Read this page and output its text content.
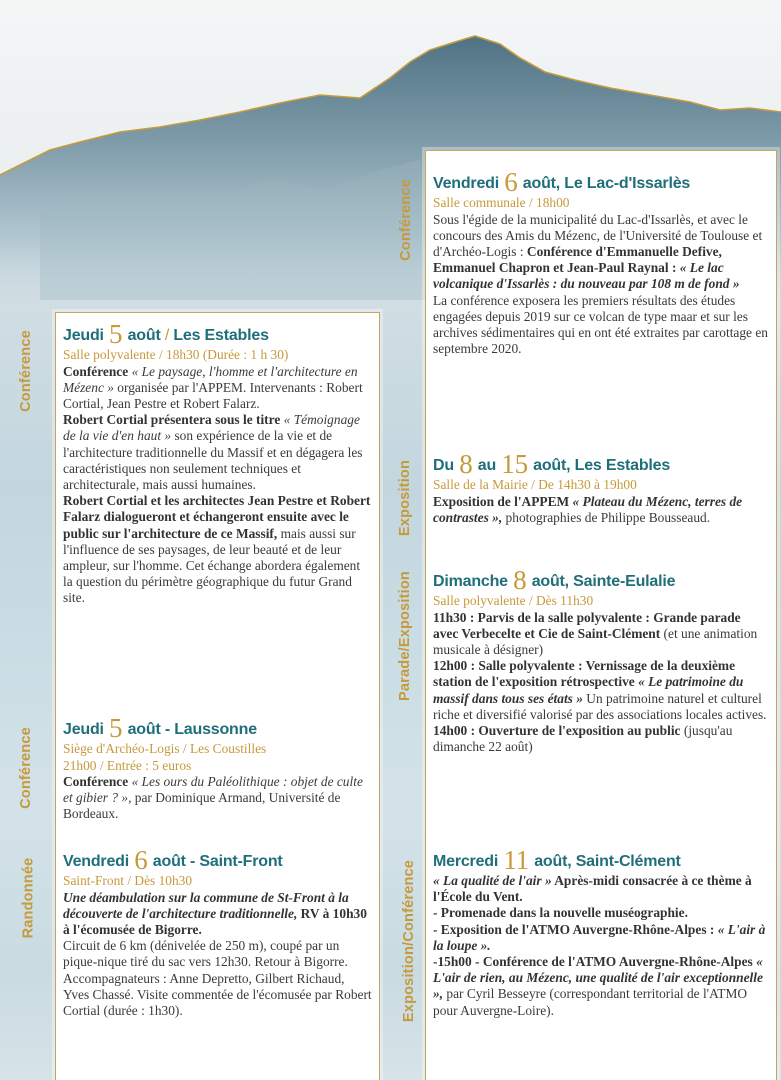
Conférence
Conférence
Randonnée
Conférence
Exposition
Parade/Exposition
Exposition/Conférence
Jeudi 5 août / Les Estables
Salle polyvalente / 18h30 (Durée : 1 h 30)

Conférence « Le paysage, l'homme et l'architecture en Mézenc » organisée par l'APPEM. Intervenants : Robert Cortial, Jean Pestre et Robert Falarz.

Robert Cortial présentera sous le titre « Témoignage de la vie d'en haut » son expérience de la vie et de l'architecture traditionnelle du Massif et en dégagera les caractéristiques non seulement techniques et architecturale, mais aussi humaines.

Robert Cortial et les architectes Jean Pestre et Robert Falarz dialogueront et échangeront ensuite avec le public sur l'architecture de ce Massif, mais aussi sur l'influence de ses paysages, de leur beauté et de leur ampleur, sur l'homme. Cet échange abordera également la question du périmètre géographique du futur Grand site.

Jeudi 5 août - Laussonne
Siège d'Archéo-Logis / Les Coustilles
21h00 / Entrée : 5 euros

Conférence « Les ours du Paléolithique : objet de culte et gibier ? », par Dominique Armand, Université de Bordeaux.

Vendredi 6 août - Saint-Front
Saint-Front / Dès 10h30

Une déambulation sur la commune de St-Front à la découverte de l'architecture traditionnelle, RV à 10h30 à l'écomusée de Bigorre.

Circuit de 6 km (dénivelée de 250 m), coupé par un pique-nique tiré du sac vers 12h30. Retour à Bigorre.

Accompagnateurs : Anne Depretto, Gilbert Richaud, Yves Chassé. Visite commentée de l'écomusée par Robert Cortial (durée : 1h30).

Vendredi 6 août, Le Lac-d'Issarlès
Salle communale / 18h00

Sous l'égide de la municipalité du Lac-d'Issarlès, et avec le concours des Amis du Mézenc, de l'Université de Toulouse et d'Archéo-Logis : Conférence d'Emmanuelle Defive, Emmanuel Chapron et Jean-Paul Raynal : « Le lac volcanique d'Issarlès : du nouveau par 108 m de fond »

La conférence exposera les premiers résultats des études engagées depuis 2019 sur ce volcan de type maar et sur les archives sédimentaires qui en ont été extraites par carottage en septembre 2020.

Du 8 au 15 août, Les Estables
Salle de la Mairie / De 14h30 à 19h00

Exposition de l'APPEM « Plateau du Mézenc, terres de contrastes », photographies de Philippe Bousseaud.

Dimanche 8 août, Sainte-Eulalie
Salle polyvalente / Dès 11h30

11h30 : Parvis de la salle polyvalente : Grande parade avec Verbecelte et Cie de Saint-Clément (et une animation musicale à désigner)

12h00 : Salle polyvalente : Vernissage de la deuxième station de l'exposition rétrospective « Le patrimoine du massif dans tous ses états » Un patrimoine naturel et culturel riche et diversifié valorisé par des associations locales actives.

14h00 : Ouverture de l'exposition au public (jusqu'au dimanche 22 août)

Mercredi 11 août, Saint-Clément

« La qualité de l'air » Après-midi consacrée à ce thème à l'École du Vent.

- Promenade dans la nouvelle muséographie.

- Exposition de l'ATMO Auvergne-Rhône-Alpes : « L'air à la loupe ».

-15h00 - Conférence de l'ATMO Auvergne-Rhône-Alpes « L'air de rien, au Mézenc, une qualité de l'air exceptionnelle », par Cyril Besseyre (correspondant territorial de l'ATMO pour Auvergne-Loire).
